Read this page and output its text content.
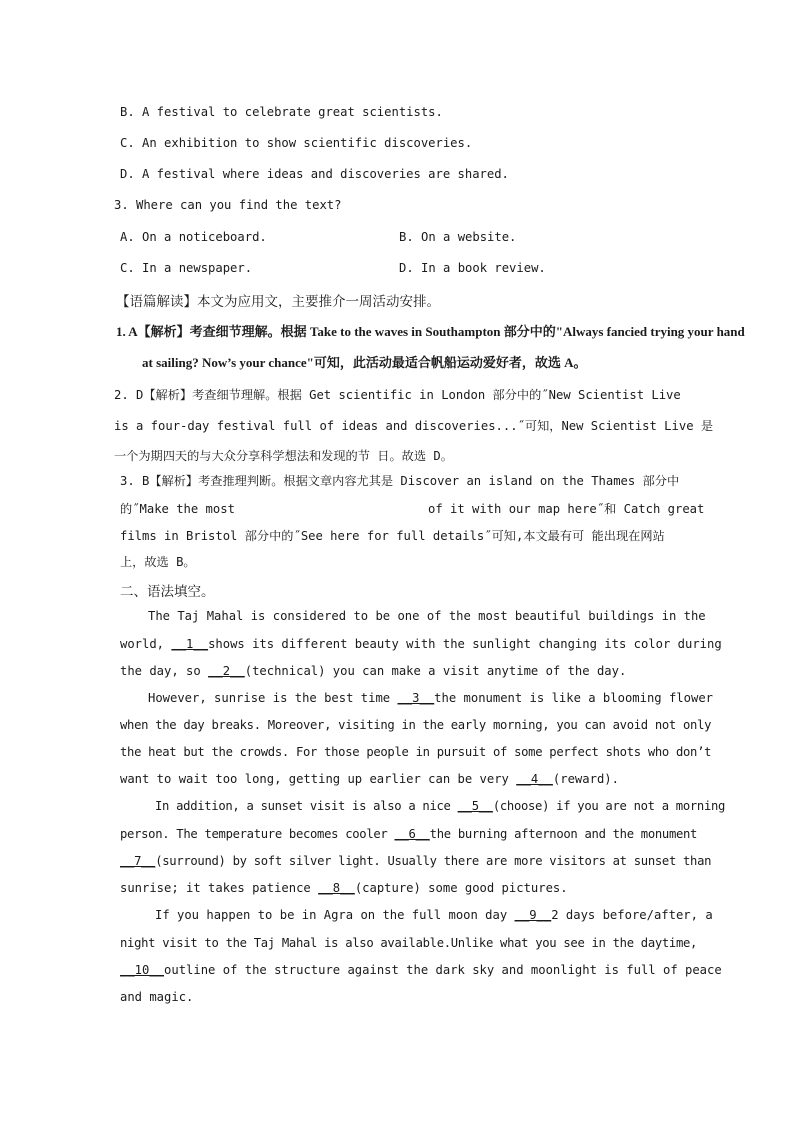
B. A festival to celebrate great scientists.
C. An exhibition to show scientific discoveries.
D. A festival where ideas and discoveries are shared.
3. Where can you find the text?
A. On a noticeboard.	B. On a website.
C. In a newspaper.	D. In a book review.
【语篇解读】本文为应用文，主要推介一周活动安排。
1. A【解析】考查细节理解。根据 Take to the waves in Southampton 部分中的"Always fancied trying your hand
at sailing? Now’s your chance"可知，此活动最适合帆船运动爱好者，故选 A。
2. D【解析】考查细节理解。根据 Get scientific in London 部分中的˝New Scientist Live
is a four-day festival full of ideas and discoveries...˝可知，New Scientist Live 是
一个为期四天的与大众分享科学想法和发现的节 日。故选 D。
3. B【解析】考查推理判断。根据文章内容尤其是 Discover an island on the Thames 部分中
的˝Make the most	of it with our map here˝和 Catch great
films in Bristol 部分中的˝See here for full details˝可知,本文最有可 能出现在网站
上，故选 B。
二、语法填空。
The Taj Mahal is considered to be one of the most beautiful buildings in the
world, __1__shows its different beauty with the sunlight changing its color during
the day, so __2__(technical) you can make a visit anytime of the day.
However, sunrise is the best time __3__the monument is like a blooming flower
when the day breaks. Moreover, visiting in the early morning, you can avoid not only
the heat but the crowds. For those people in pursuit of some perfect shots who don’t
want to wait too long, getting up earlier can be very __4__(reward).
In addition, a sunset visit is also a nice __5__(choose) if you are not a morning
person. The temperature becomes cooler __6__the burning afternoon and the monument
__7__(surround) by soft silver light. Usually there are more visitors at sunset than
sunrise; it takes patience __8__(capture) some good pictures.
If you happen to be in Agra on the full moon day __9__2 days before/after, a
night visit to the Taj Mahal is also available.Unlike what you see in the daytime,
__10__outline of the structure against the dark sky and moonlight is full of peace
and magic.
